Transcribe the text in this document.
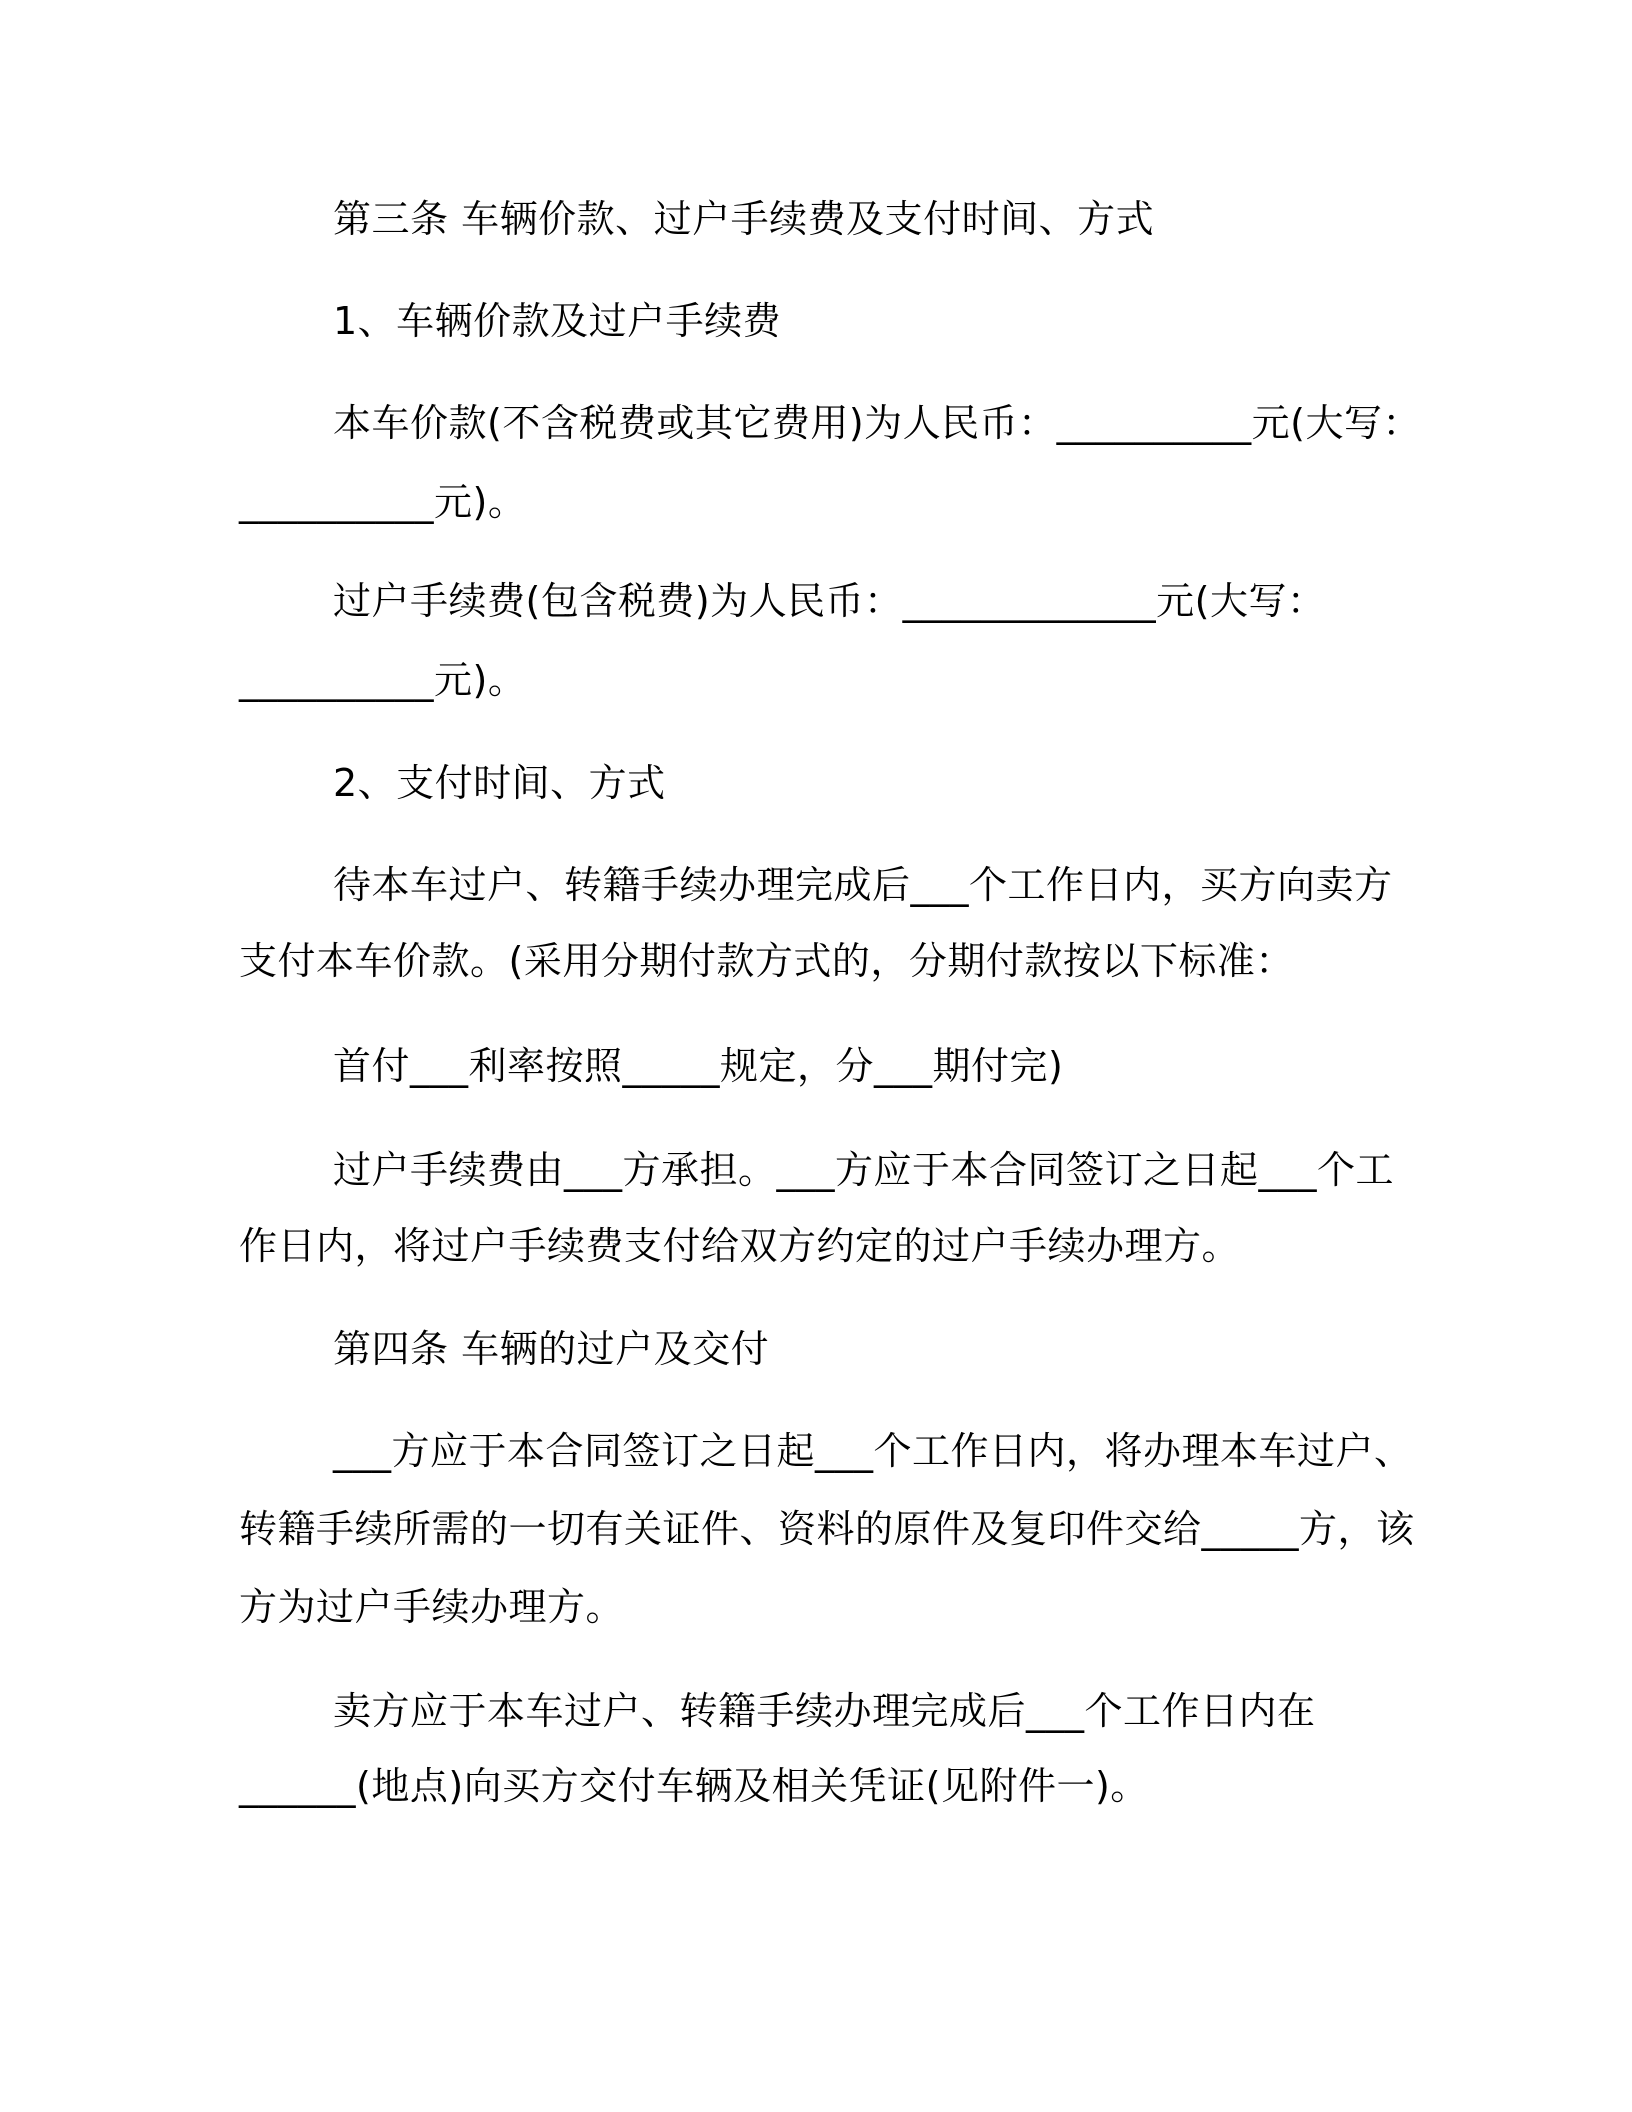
第三条 车辆价款、过户手续费及支付时间、方式

1、车辆价款及过户手续费

本车价款(不含税费或其它费用)为人民币：__________元(大写：

__________元)。

过户手续费(包含税费)为人民币：_____________元(大写：

__________元)。

2、支付时间、方式

待本车过户、转籍手续办理完成后___个工作日内，买方向卖方

支付本车价款。(采用分期付款方式的，分期付款按以下标准：

首付___利率按照_____规定，分___期付完)

过户手续费由___方承担。___方应于本合同签订之日起___个工

作日内，将过户手续费支付给双方约定的过户手续办理方。

第四条 车辆的过户及交付

___方应于本合同签订之日起___个工作日内，将办理本车过户、

转籍手续所需的一切有关证件、资料的原件及复印件交给_____方，该

方为过户手续办理方。

卖方应于本车过户、转籍手续办理完成后___个工作日内在

______(地点)向买方交付车辆及相关凭证(见附件一)。
